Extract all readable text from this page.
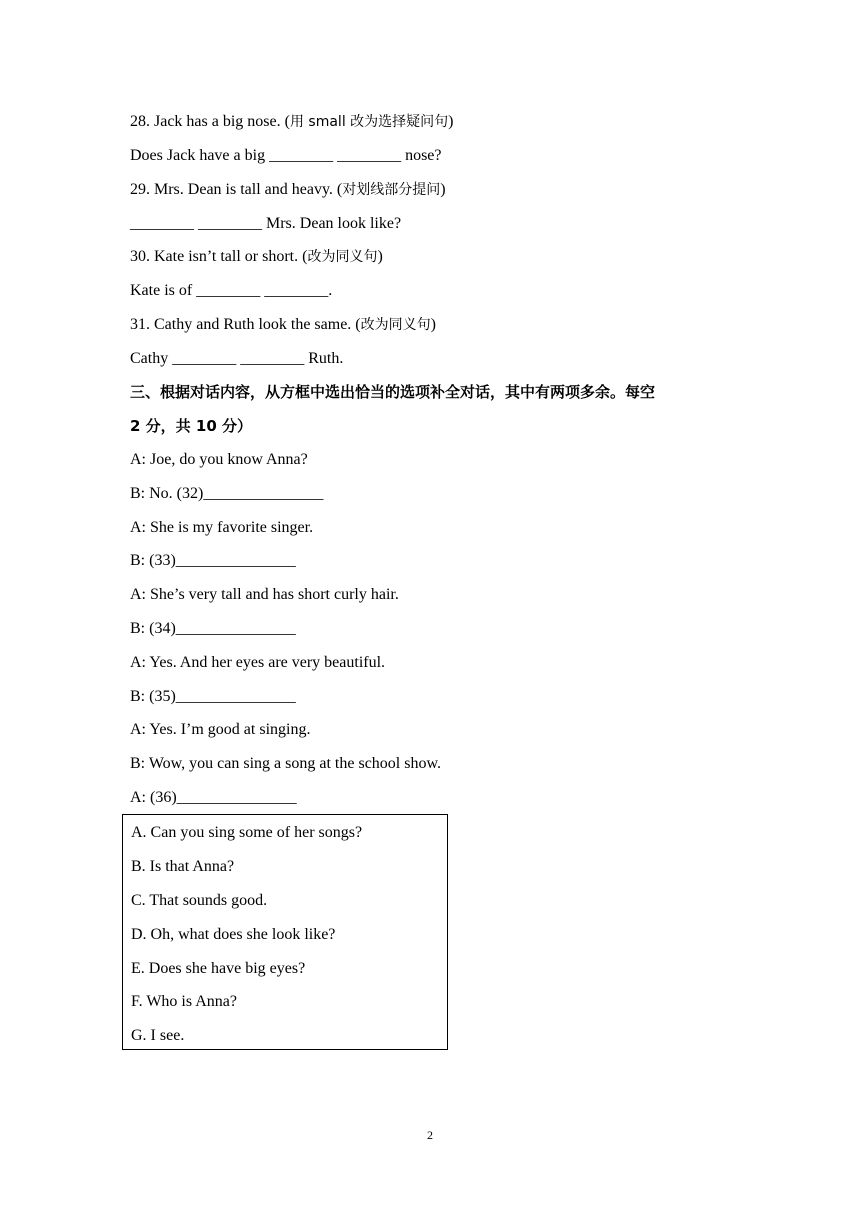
28. Jack has a big nose. (用 small 改为选择疑问句)
Does Jack have a big ________ ________ nose?
29. Mrs. Dean is tall and heavy. (对划线部分提问)
________ ________ Mrs. Dean look like?
30. Kate isn’t tall or short. (改为同义句)
Kate is of ________ ________.
31. Cathy and Ruth look the same. (改为同义句)
Cathy ________ ________ Ruth.
三、根据对话内容，从方框中选出恰当的选项补全对话，其中有两项多余。每空
2 分，共 10 分）
A: Joe, do you know Anna?
B: No. (32)_______________
A: She is my favorite singer.
B: (33)_______________
A: She’s very tall and has short curly hair.
B: (34)_______________
A: Yes. And her eyes are very beautiful.
B: (35)_______________
A: Yes. I’m good at singing.
B: Wow, you can sing a song at the school show.
A: (36)_______________
A. Can you sing some of her songs?
B. Is that Anna?
C. That sounds good.
D. Oh, what does she look like?
E. Does she have big eyes?
F. Who is Anna?
G. I see.
2
